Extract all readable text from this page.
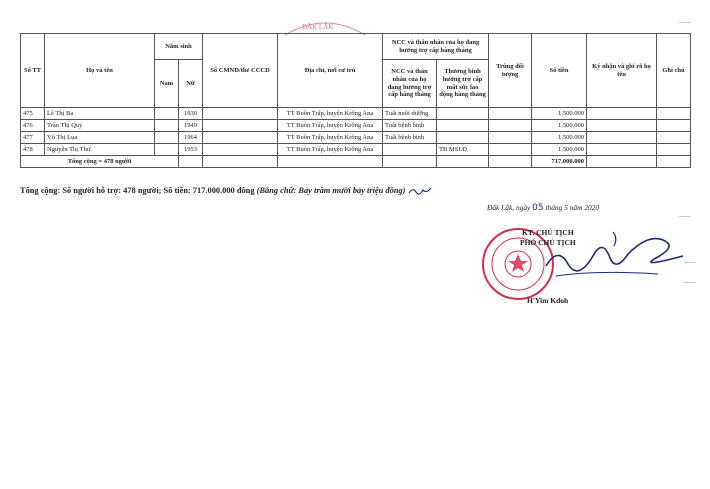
ĐẮK LẮK
Số TT	Họ và tên	Năm sinh		Số CMND/thẻ CCCD	Địa chỉ, nơi cư trú	NCC và thân nhân của họ đang hưởng trợ cấp hàng tháng		Trùng đối tượng	Số tiền	Ký nhận và ghi rõ họ tên	Ghi chú
		Nam	Nữ			NCC và thân nhân của họ đang hưởng trợ cấp hàng tháng	Thương binh hưởng trợ cấp mất sức lao động hàng tháng				
475	Lê Thị Ba		1930		TT Buôn Trấp, huyện Krông Ana	Tuất nuôi dưỡng			1.500.000		
476	Trần Thị Quý		1949		TT Buôn Trấp, huyện Krông Ana	Tuất bệnh binh			1.500.000		
477	Võ Thị Lụa		1964		TT Buôn Trấp, huyện Krông Ana	Tuất bệnh binh			1.500.000		
478	Nguyễn Thị Thư		1953		TT Buôn Trấp, huyện Krông Ana		TB MSLĐ		1.500.000		
Tổng cộng = 478 người									717.000.000		
Tổng cộng: Số người hỗ trợ: 478 người; Số tiền: 717.000.000 đồng (Bằng chữ: Bảy trăm mười bảy triệu đồng)
Đắk Lắk, ngày 05 tháng 5 năm 2020
KT. CHỦ TỊCH
PHÓ CHỦ TỊCH
H'Yim Kdoh
